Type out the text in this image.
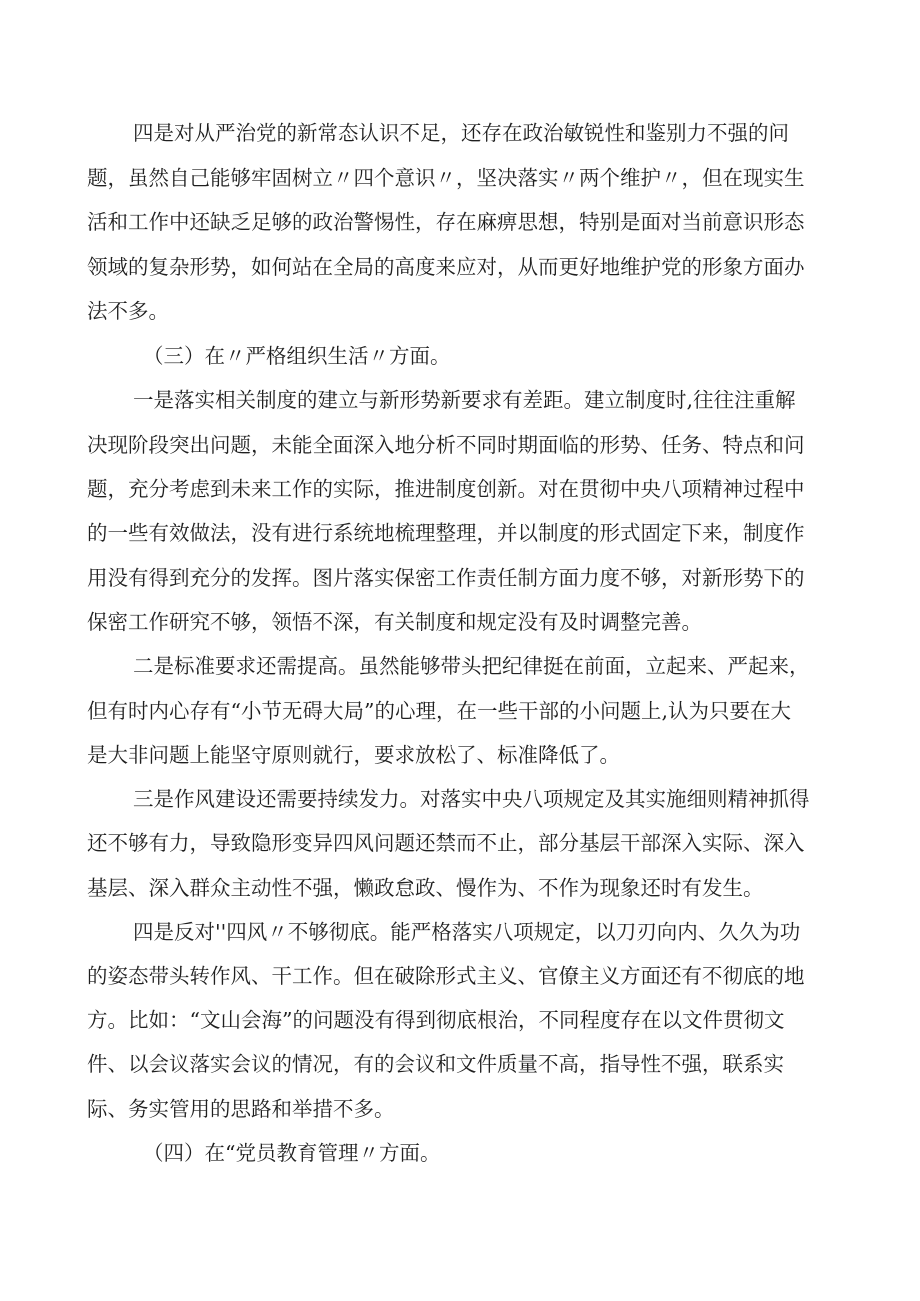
四是对从严治党的新常态认识不足，还存在政治敏锐性和鉴别力不强的问
题，虽然自己能够牢固树立〃四个意识〃，坚决落实〃两个维护〃，但在现实生
活和工作中还缺乏足够的政治警惕性，存在麻痹思想，特别是面对当前意识形态
领域的复杂形势，如何站在全局的高度来应对，从而更好地维护党的形象方面办
法不多。
（三）在〃严格组织生活〃方面。
一是落实相关制度的建立与新形势新要求有差距。建立制度时,往往注重解
决现阶段突出问题，未能全面深入地分析不同时期面临的形势、任务、特点和问
题，充分考虑到未来工作的实际，推进制度创新。对在贯彻中央八项精神过程中
的一些有效做法，没有进行系统地梳理整理，并以制度的形式固定下来，制度作
用没有得到充分的发挥。图片落实保密工作责任制方面力度不够，对新形势下的
保密工作研究不够，领悟不深，有关制度和规定没有及时调整完善。
二是标准要求还需提高。虽然能够带头把纪律挺在前面，立起来、严起来，
但有时内心存有“小节无碍大局”的心理，在一些干部的小问题上,认为只要在大
是大非问题上能坚守原则就行，要求放松了、标准降低了。
三是作风建设还需要持续发力。对落实中央八项规定及其实施细则精神抓得
还不够有力，导致隐形变异四风问题还禁而不止，部分基层干部深入实际、深入
基层、深入群众主动性不强，懒政怠政、慢作为、不作为现象还时有发生。
四是反对''四风〃不够彻底。能严格落实八项规定，以刀刃向内、久久为功
的姿态带头转作风、干工作。但在破除形式主义、官僚主义方面还有不彻底的地
方。比如：“文山会海”的问题没有得到彻底根治，不同程度存在以文件贯彻文
件、以会议落实会议的情况，有的会议和文件质量不高，指导性不强，联系实
际、务实管用的思路和举措不多。
（四）在“党员教育管理〃方面。
